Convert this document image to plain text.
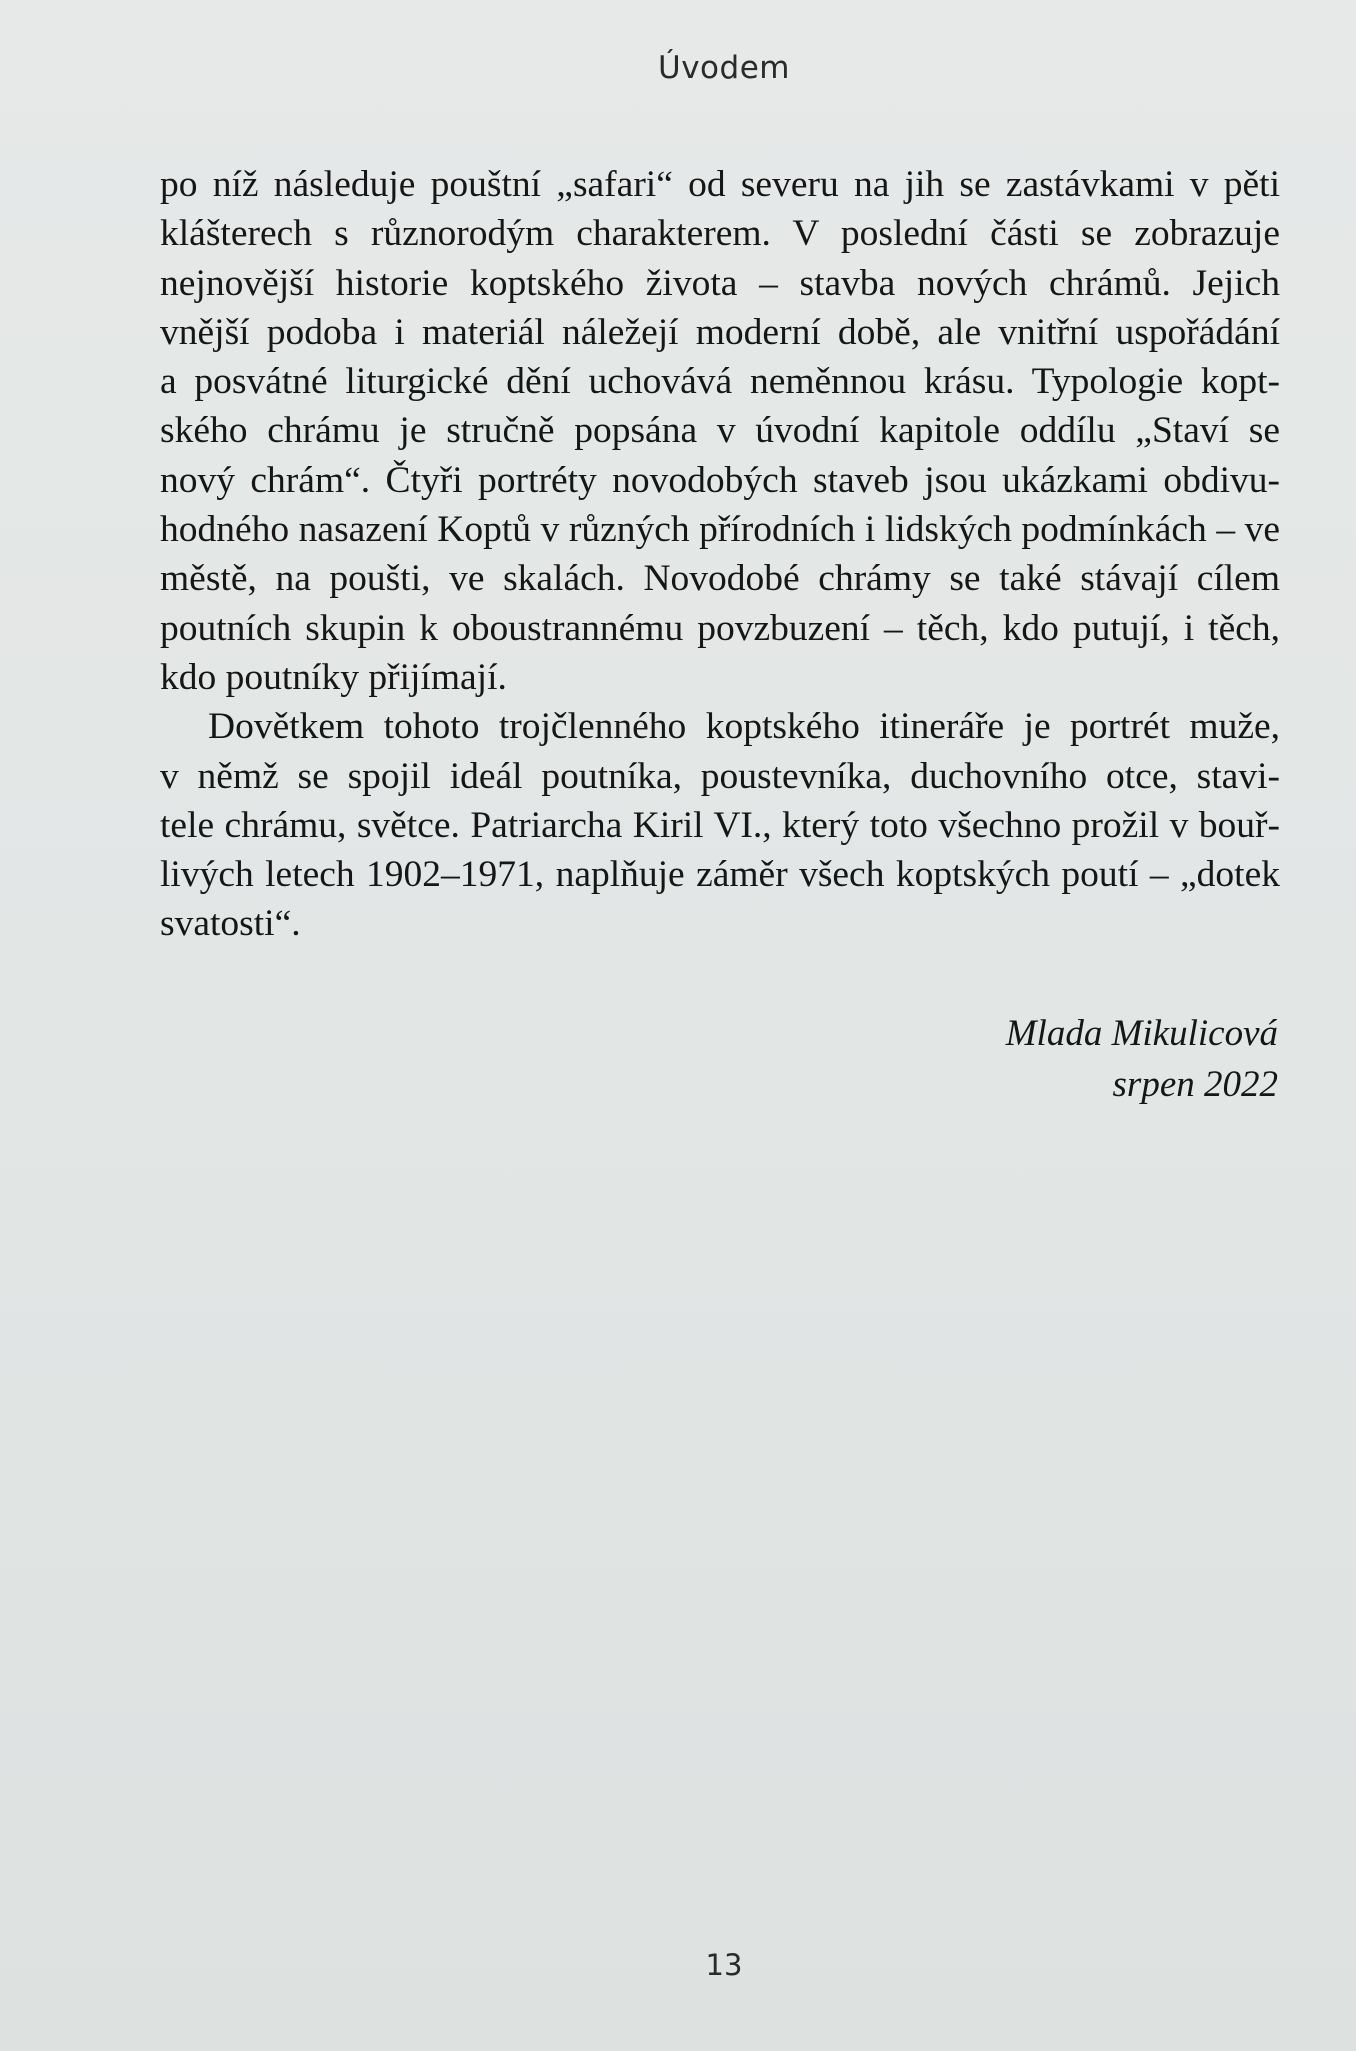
Úvodem
po níž následuje pouštní „safari“ od severu na jih se zastávkami v pěti
klášterech s různorodým charakterem. V poslední části se zobrazuje
nejnovější historie koptského života – stavba nových chrámů. Jejich
vnější podoba i materiál náležejí moderní době, ale vnitřní uspořádání
a posvátné liturgické dění uchovává neměnnou krásu. Typologie kopt-
ského chrámu je stručně popsána v úvodní kapitole oddílu „Staví se
nový chrám“. Čtyři portréty novodobých staveb jsou ukázkami obdivu-
hodného nasazení Koptů v různých přírodních i lidských podmínkách – ve
městě, na poušti, ve skalách. Novodobé chrámy se také stávají cílem
poutních skupin k oboustrannému povzbuzení – těch, kdo putují, i těch,
kdo poutníky přijímají.
Dovětkem tohoto trojčlenného koptského itineráře je portrét muže,
v němž se spojil ideál poutníka, poustevníka, duchovního otce, stavi-
tele chrámu, světce. Patriarcha Kiril VI., který toto všechno prožil v bouř-
livých letech 1902–1971, naplňuje záměr všech koptských poutí – „dotek
svatosti“.
Mlada Mikulicová
srpen 2022
13
